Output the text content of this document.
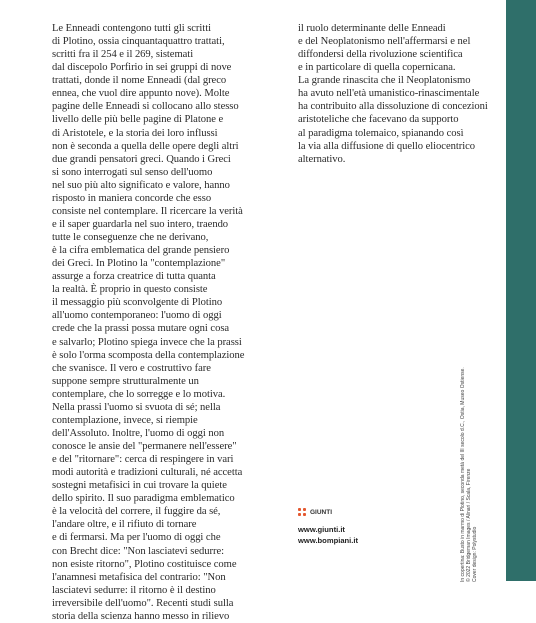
Le Enneadi contengono tutti gli scritti
di Plotino, ossia cinquantaquattro trattati,
scritti fra il 254 e il 269, sistemati
dal discepolo Porfirio in sei gruppi di nove
trattati, donde il nome Enneadi (dal greco
ennea, che vuol dire appunto nove). Molte
pagine delle Enneadi si collocano allo stesso
livello delle più belle pagine di Platone e
di Aristotele, e la storia dei loro influssi
non è seconda a quella delle opere degli altri
due grandi pensatori greci. Quando i Greci
si sono interrogati sul senso dell'uomo
nel suo più alto significato e valore, hanno
risposto in maniera concorde che esso
consiste nel contemplare. Il ricercare la verità
e il saper guardarla nel suo intero, traendo
tutte le conseguenze che ne derivano,
è la cifra emblematica del grande pensiero
dei Greci. In Plotino la "contemplazione"
assurge a forza creatrice di tutta quanta
la realtà. È proprio in questo consiste
il messaggio più sconvolgente di Plotino
all'uomo contemporaneo: l'uomo di oggi
crede che la prassi possa mutare ogni cosa
e salvarlo; Plotino spiega invece che la prassi
è solo l'orma scomposta della contemplazione
che svanisce. Il vero e costruttivo fare
suppone sempre strutturalmente un
contemplare, che lo sorregge e lo motiva.
Nella prassi l'uomo si svuota di sé; nella
contemplazione, invece, si riempie
dell'Assoluto. Inoltre, l'uomo di oggi non
conosce le ansie del "permanere nell'essere"
e del "ritornare": cerca di respingere in vari
modi autorità e tradizioni culturali, né accetta
sostegni metafisici in cui trovare la quiete
dello spirito. Il suo paradigma emblematico
è la velocità del correre, il fuggire da sé,
l'andare oltre, e il rifiuto di tornare
e di fermarsi. Ma per l'uomo di oggi che
con Brecht dice: "Non lasciatevi sedurre:
non esiste ritorno", Plotino costituisce come
l'anamnesi metafisica del contrario: "Non
lasciatevi sedurre: il ritorno è il destino
irreversibile dell'uomo". Recenti studi sulla
storia della scienza hanno messo in rilievo
il ruolo determinante delle Enneadi
e del Neoplatonismo nell'affermarsi e nel
diffondersi della rivoluzione scientifica
e in particolare di quella copernicana.
La grande rinascita che il Neoplatonismo
ha avuto nell'età umanistico-rinascimentale
ha contribuito alla dissoluzione di concezioni
aristoteliche che facevano da supporto
al paradigma tolemaico, spianando così
la via alla diffusione di quello eliocentrico
alternativo.
GIUNTI
www.giunti.it
www.bompiani.it	In copertina: Busto in marmo di Plotino, seconda metà del III secolo d.C., Ostia, Museo Ostiense. © 2022 Bridgeman Images / Alinari / Scala, Firenze Cover design: Polystudio
